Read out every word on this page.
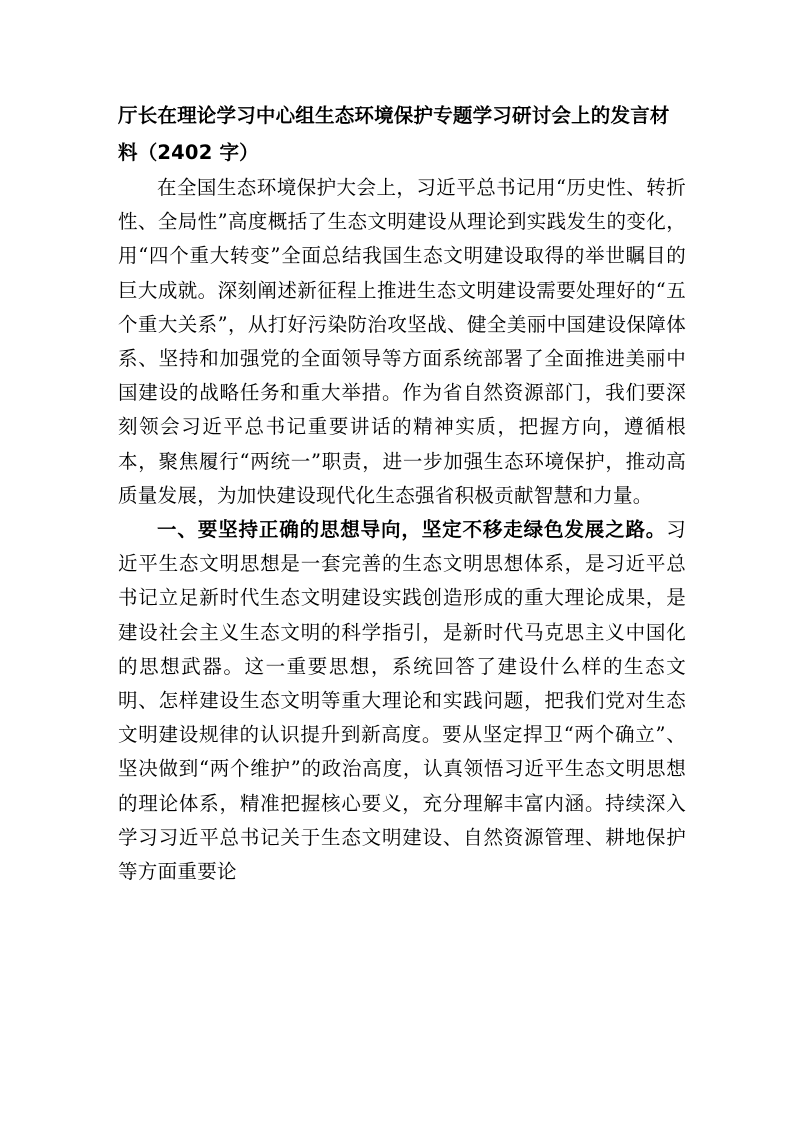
厅长在理论学习中心组生态环境保护专题学习研讨会上的发言材料（2402 字）

在全国生态环境保护大会上，习近平总书记用“历史性、转折性、全局性”高度概括了生态文明建设从理论到实践发生的变化，用“四个重大转变”全面总结我国生态文明建设取得的举世瞩目的巨大成就。深刻阐述新征程上推进生态文明建设需要处理好的“五个重大关系”，从打好污染防治攻坚战、健全美丽中国建设保障体系、坚持和加强党的全面领导等方面系统部署了全面推进美丽中国建设的战略任务和重大举措。作为省自然资源部门，我们要深刻领会习近平总书记重要讲话的精神实质，把握方向，遵循根本，聚焦履行“两统一”职责，进一步加强生态环境保护，推动高质量发展，为加快建设现代化生态强省积极贡献智慧和力量。

一、要坚持正确的思想导向，坚定不移走绿色发展之路。习近平生态文明思想是一套完善的生态文明思想体系，是习近平总书记立足新时代生态文明建设实践创造形成的重大理论成果，是建设社会主义生态文明的科学指引，是新时代马克思主义中国化的思想武器。这一重要思想，系统回答了建设什么样的生态文明、怎样建设生态文明等重大理论和实践问题，把我们党对生态文明建设规律的认识提升到新高度。要从坚定捍卫“两个确立”、坚决做到“两个维护”的政治高度，认真领悟习近平生态文明思想的理论体系，精准把握核心要义，充分理解丰富内涵。持续深入学习习近平总书记关于生态文明建设、自然资源管理、耕地保护等方面重要论
